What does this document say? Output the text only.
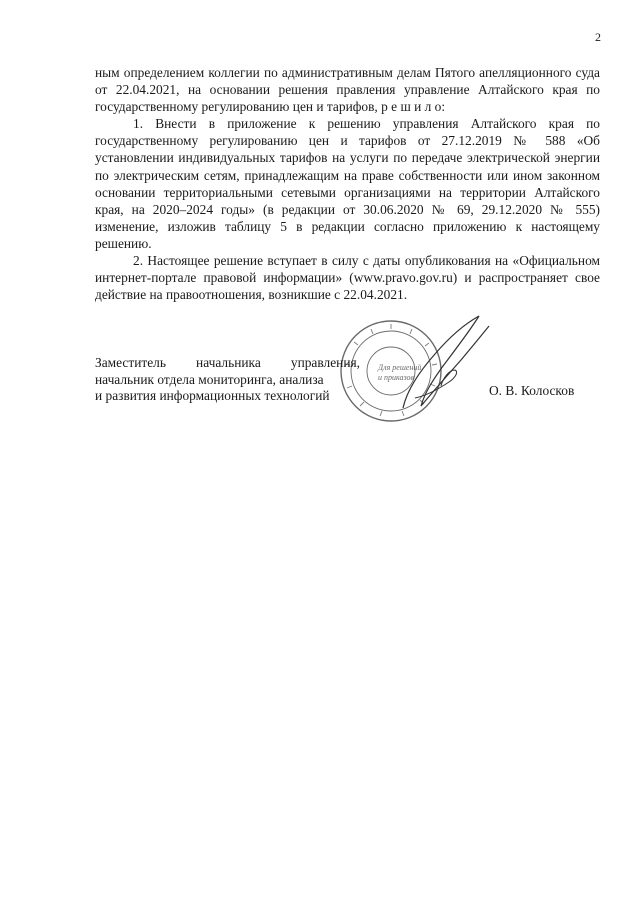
2

ным определением коллегии по административным делам Пятого апелляционного суда от 22.04.2021, на основании решения правления управление Алтайского края по государственному регулированию цен и тарифов, р е ш и л о:

1. Внести в приложение к решению управления Алтайского края по государственному регулированию цен и тарифов от 27.12.2019 № 588 «Об установлении индивидуальных тарифов на услуги по передаче электрической энергии по электрическим сетям, принадлежащим на праве собственности или ином законном основании территориальными сетевыми организациями на территории Алтайского края, на 2020–2024 годы» (в редакции от 30.06.2020 № 69, 29.12.2020 № 555) изменение, изложив таблицу 5 в редакции согласно приложению к настоящему решению.

2. Настоящее решение вступает в силу с даты опубликования на «Официальном интернет-портале правовой информации» (www.pravo.gov.ru) и распространяет свое действие на правоотношения, возникшие с 22.04.2021.

Для решений
и приказов
Заместитель начальника управления,
начальник отдела мониторинга, анализа
и развития информационных технологий	О. В. Колосков
